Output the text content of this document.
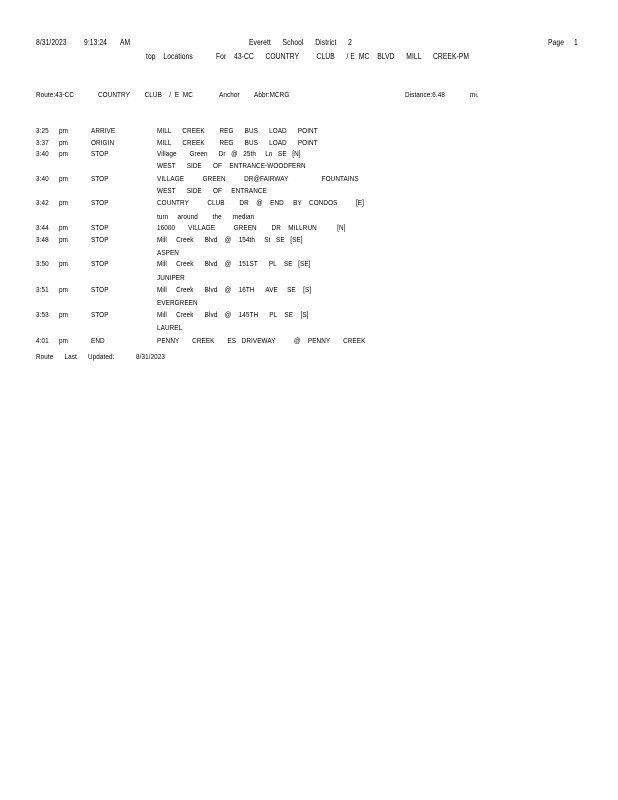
8/31/2023 9:13:24 AM	Everett      School      District      2	Page 1
top    Locations	For 43-CC      COUNTRY         CLUB      / E  MC    BLVD      MILL      CREEK-PM
Route:43-CC	COUNTRY        CLUB    /  E  MC	Anchor Abbr:MCRG	Distance:6.48	mi.
3:25 pm	ARRIVE	MILL      CREEK        REG      BUS      LOAD      POINT
3:37 pm	ORIGIN	MILL      CREEK        REG      BUS      LOAD      POINT
3:40 pm	STOP	Village       Green      Dr   @   25th     Ln   SE   [N]
WEST      SIDE      OF    ENTRANCE-WOODFERN
3:40 pm	STOP	VILLAGE          GREEN          DR@FAIRWAY                  FOUNTAINS
WEST      SIDE      OF     ENTRANCE
3:42 pm	STOP	COUNTRY          CLUB        DR    @    END     BY    CONDOS          [E]
turn     around        the      median
3:44 pm	STOP	16000       VILLAGE          GREEN        DR    MILLRUN           [N]
3:48 pm	STOP	Mill     Creek      Blvd    @    154th     St   SE   [SE]
ASPEN
3:50 pm	STOP	Mill     Creek      Blvd    @    151ST      PL    SE   [SE]
JUNIPER
3:51 pm	STOP	Mill     Creek      Blvd    @    16TH      AVE     SE    [S]
EVERGREEN
3:53 pm	STOP	Mill     Creek      Blvd    @    145TH      PL    SE    [S]
LAUREL
4:01 pm	END	PENNY       CREEK       ES   DRIVEWAY          @    PENNY       CREEK
Route      Last      Updated:	8/31/2023
